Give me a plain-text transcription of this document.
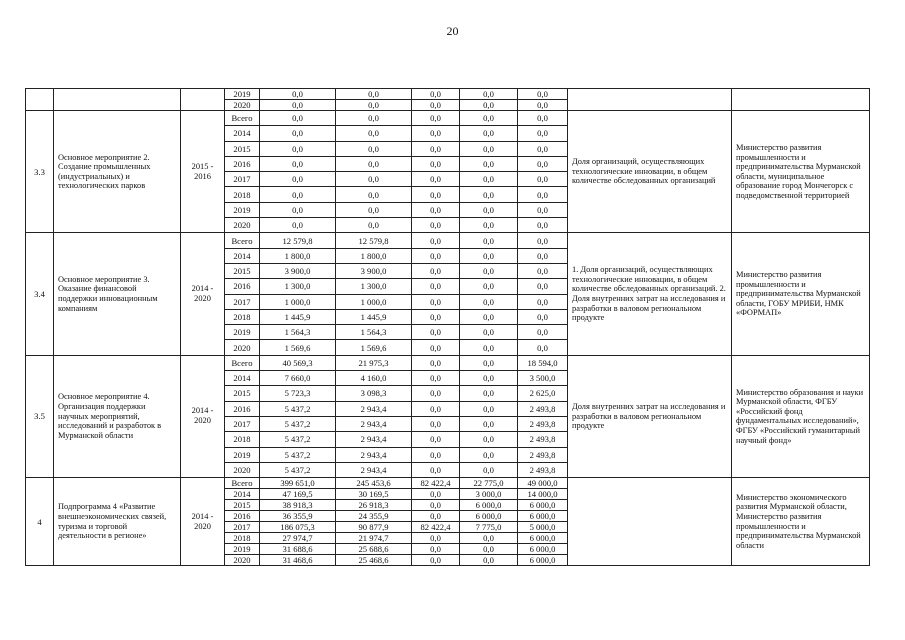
20
			2019	0,0	0,0	0,0	0,0	0,0		
			2020	0,0	0,0	0,0	0,0	0,0		
3.3	Основное мероприятие 2. Создание промышленных (индустриальных) и технологических парков	2015 - 2016	Всего	0,0	0,0	0,0	0,0	0,0	Доля организаций, осуществляющих технологические инновации, в общем количестве обследованных организаций	Министерство развития промышленности и предпринимательства Мурманской области, муниципальное образование город Мончегорск с подведомственной территорией
			2014	0,0	0,0	0,0	0,0	0,0		
			2015	0,0	0,0	0,0	0,0	0,0		
			2016	0,0	0,0	0,0	0,0	0,0		
			2017	0,0	0,0	0,0	0,0	0,0		
			2018	0,0	0,0	0,0	0,0	0,0		
			2019	0,0	0,0	0,0	0,0	0,0		
			2020	0,0	0,0	0,0	0,0	0,0		
3.4	Основное мероприятие 3. Оказание финансовой поддержки инновационным компаниям	2014 - 2020	Всего	12 579,8	12 579,8	0,0	0,0	0,0	1. Доля организаций, осуществляющих технологические инновации, в общем количестве обследованных организаций. 2. Доля внутренних затрат на исследования и разработки в валовом региональном продукте	Министерство развития промышленности и предпринимательства Мурманской области, ГОБУ МРИБИ, НМК «ФОРМАП»
			2014	1 800,0	1 800,0	0,0	0,0	0,0		
			2015	3 900,0	3 900,0	0,0	0,0	0,0		
			2016	1 300,0	1 300,0	0,0	0,0	0,0		
			2017	1 000,0	1 000,0	0,0	0,0	0,0		
			2018	1 445,9	1 445,9	0,0	0,0	0,0		
			2019	1 564,3	1 564,3	0,0	0,0	0,0		
			2020	1 569,6	1 569,6	0,0	0,0	0,0		
3.5	Основное мероприятие 4. Организация поддержки научных мероприятий, исследований и разработок в Мурманской области	2014 - 2020	Всего	40 569,3	21 975,3	0,0	0,0	18 594,0	Доля внутренних затрат на исследования и разработки в валовом региональном продукте	Министерство образования и науки Мурманской области, ФГБУ «Российский фонд фундаментальных исследований», ФГБУ «Российский гуманитарный научный фонд»
			2014	7 660,0	4 160,0	0,0	0,0	3 500,0		
			2015	5 723,3	3 098,3	0,0	0,0	2 625,0		
			2016	5 437,2	2 943,4	0,0	0,0	2 493,8		
			2017	5 437,2	2 943,4	0,0	0,0	2 493,8		
			2018	5 437,2	2 943,4	0,0	0,0	2 493,8		
			2019	5 437,2	2 943,4	0,0	0,0	2 493,8		
			2020	5 437,2	2 943,4	0,0	0,0	2 493,8		
4	Подпрограмма 4 «Развитие внешнеэкономических связей, туризма и торговой деятельности в регионе»	2014 - 2020	Всего	399 651,0	245 453,6	82 422,4	22 775,0	49 000,0		Министерство экономического развития Мурманской области, Министерство развития промышленности и предпринимательства Мурманской области
			2014	47 169,5	30 169,5	0,0	3 000,0	14 000,0		
			2015	38 918,3	26 918,3	0,0	6 000,0	6 000,0		
			2016	36 355,9	24 355,9	0,0	6 000,0	6 000,0		
			2017	186 075,3	90 877,9	82 422,4	7 775,0	5 000,0		
			2018	27 974,7	21 974,7	0,0	0,0	6 000,0		
			2019	31 688,6	25 688,6	0,0	0,0	6 000,0		
			2020	31 468,6	25 468,6	0,0	0,0	6 000,0		
